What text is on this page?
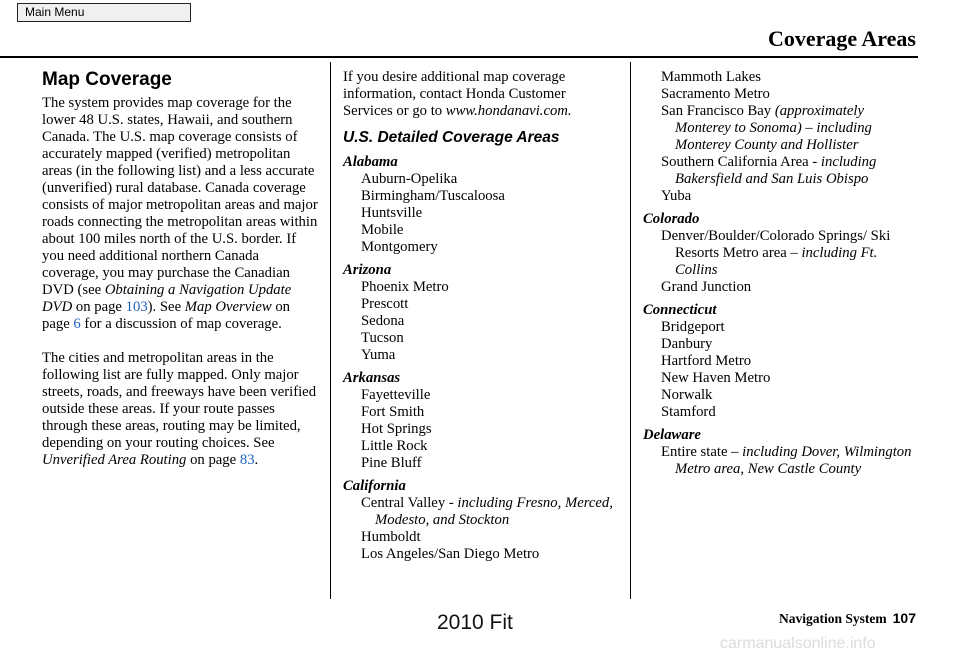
Main Menu
Coverage Areas
Map Coverage

The system provides map coverage for the lower 48 U.S. states, Hawaii, and southern Canada. The U.S. map coverage consists of accurately mapped (verified) metropolitan areas (in the following list) and a less accurate (unverified) rural database. Canada coverage consists of major metropolitan areas and major roads connecting the metropolitan areas within about 100 miles north of the U.S. border. If you need additional northern Canada coverage, you may purchase the Canadian DVD (see Obtaining a Navigation Update DVD on page 103). See Map Overview on page 6 for a discussion of map coverage.

The cities and metropolitan areas in the following list are fully mapped. Only major streets, roads, and freeways have been verified outside these areas. If your route passes through these areas, routing may be limited, depending on your routing choices. See Unverified Area Routing on page 83.

If you desire additional map coverage information, contact Honda Customer Services or go to www.hondanavi.com.

U.S. Detailed Coverage Areas
Alabama
Auburn-Opelika
Birmingham/Tuscaloosa
Huntsville
Mobile
Montgomery
Arizona
Phoenix Metro
Prescott
Sedona
Tucson
Yuma
Arkansas
Fayetteville
Fort Smith
Hot Springs
Little Rock
Pine Bluff
California
Central Valley - including Fresno, Merced, Modesto, and Stockton
Humboldt
Los Angeles/San Diego Metro
Mammoth Lakes
Sacramento Metro
San Francisco Bay (approximately Monterey to Sonoma) – including Monterey County and Hollister
Southern California Area - including Bakersfield and San Luis Obispo
Yuba
Colorado
Denver/Boulder/Colorado Springs/ Ski Resorts Metro area – including Ft. Collins
Grand Junction
Connecticut
Bridgeport
Danbury
Hartford Metro
New Haven Metro
Norwalk
Stamford
Delaware
Entire state – including Dover, Wilmington Metro area, New Castle County
Navigation System 107
2010 Fit
carmanualsonline.info
